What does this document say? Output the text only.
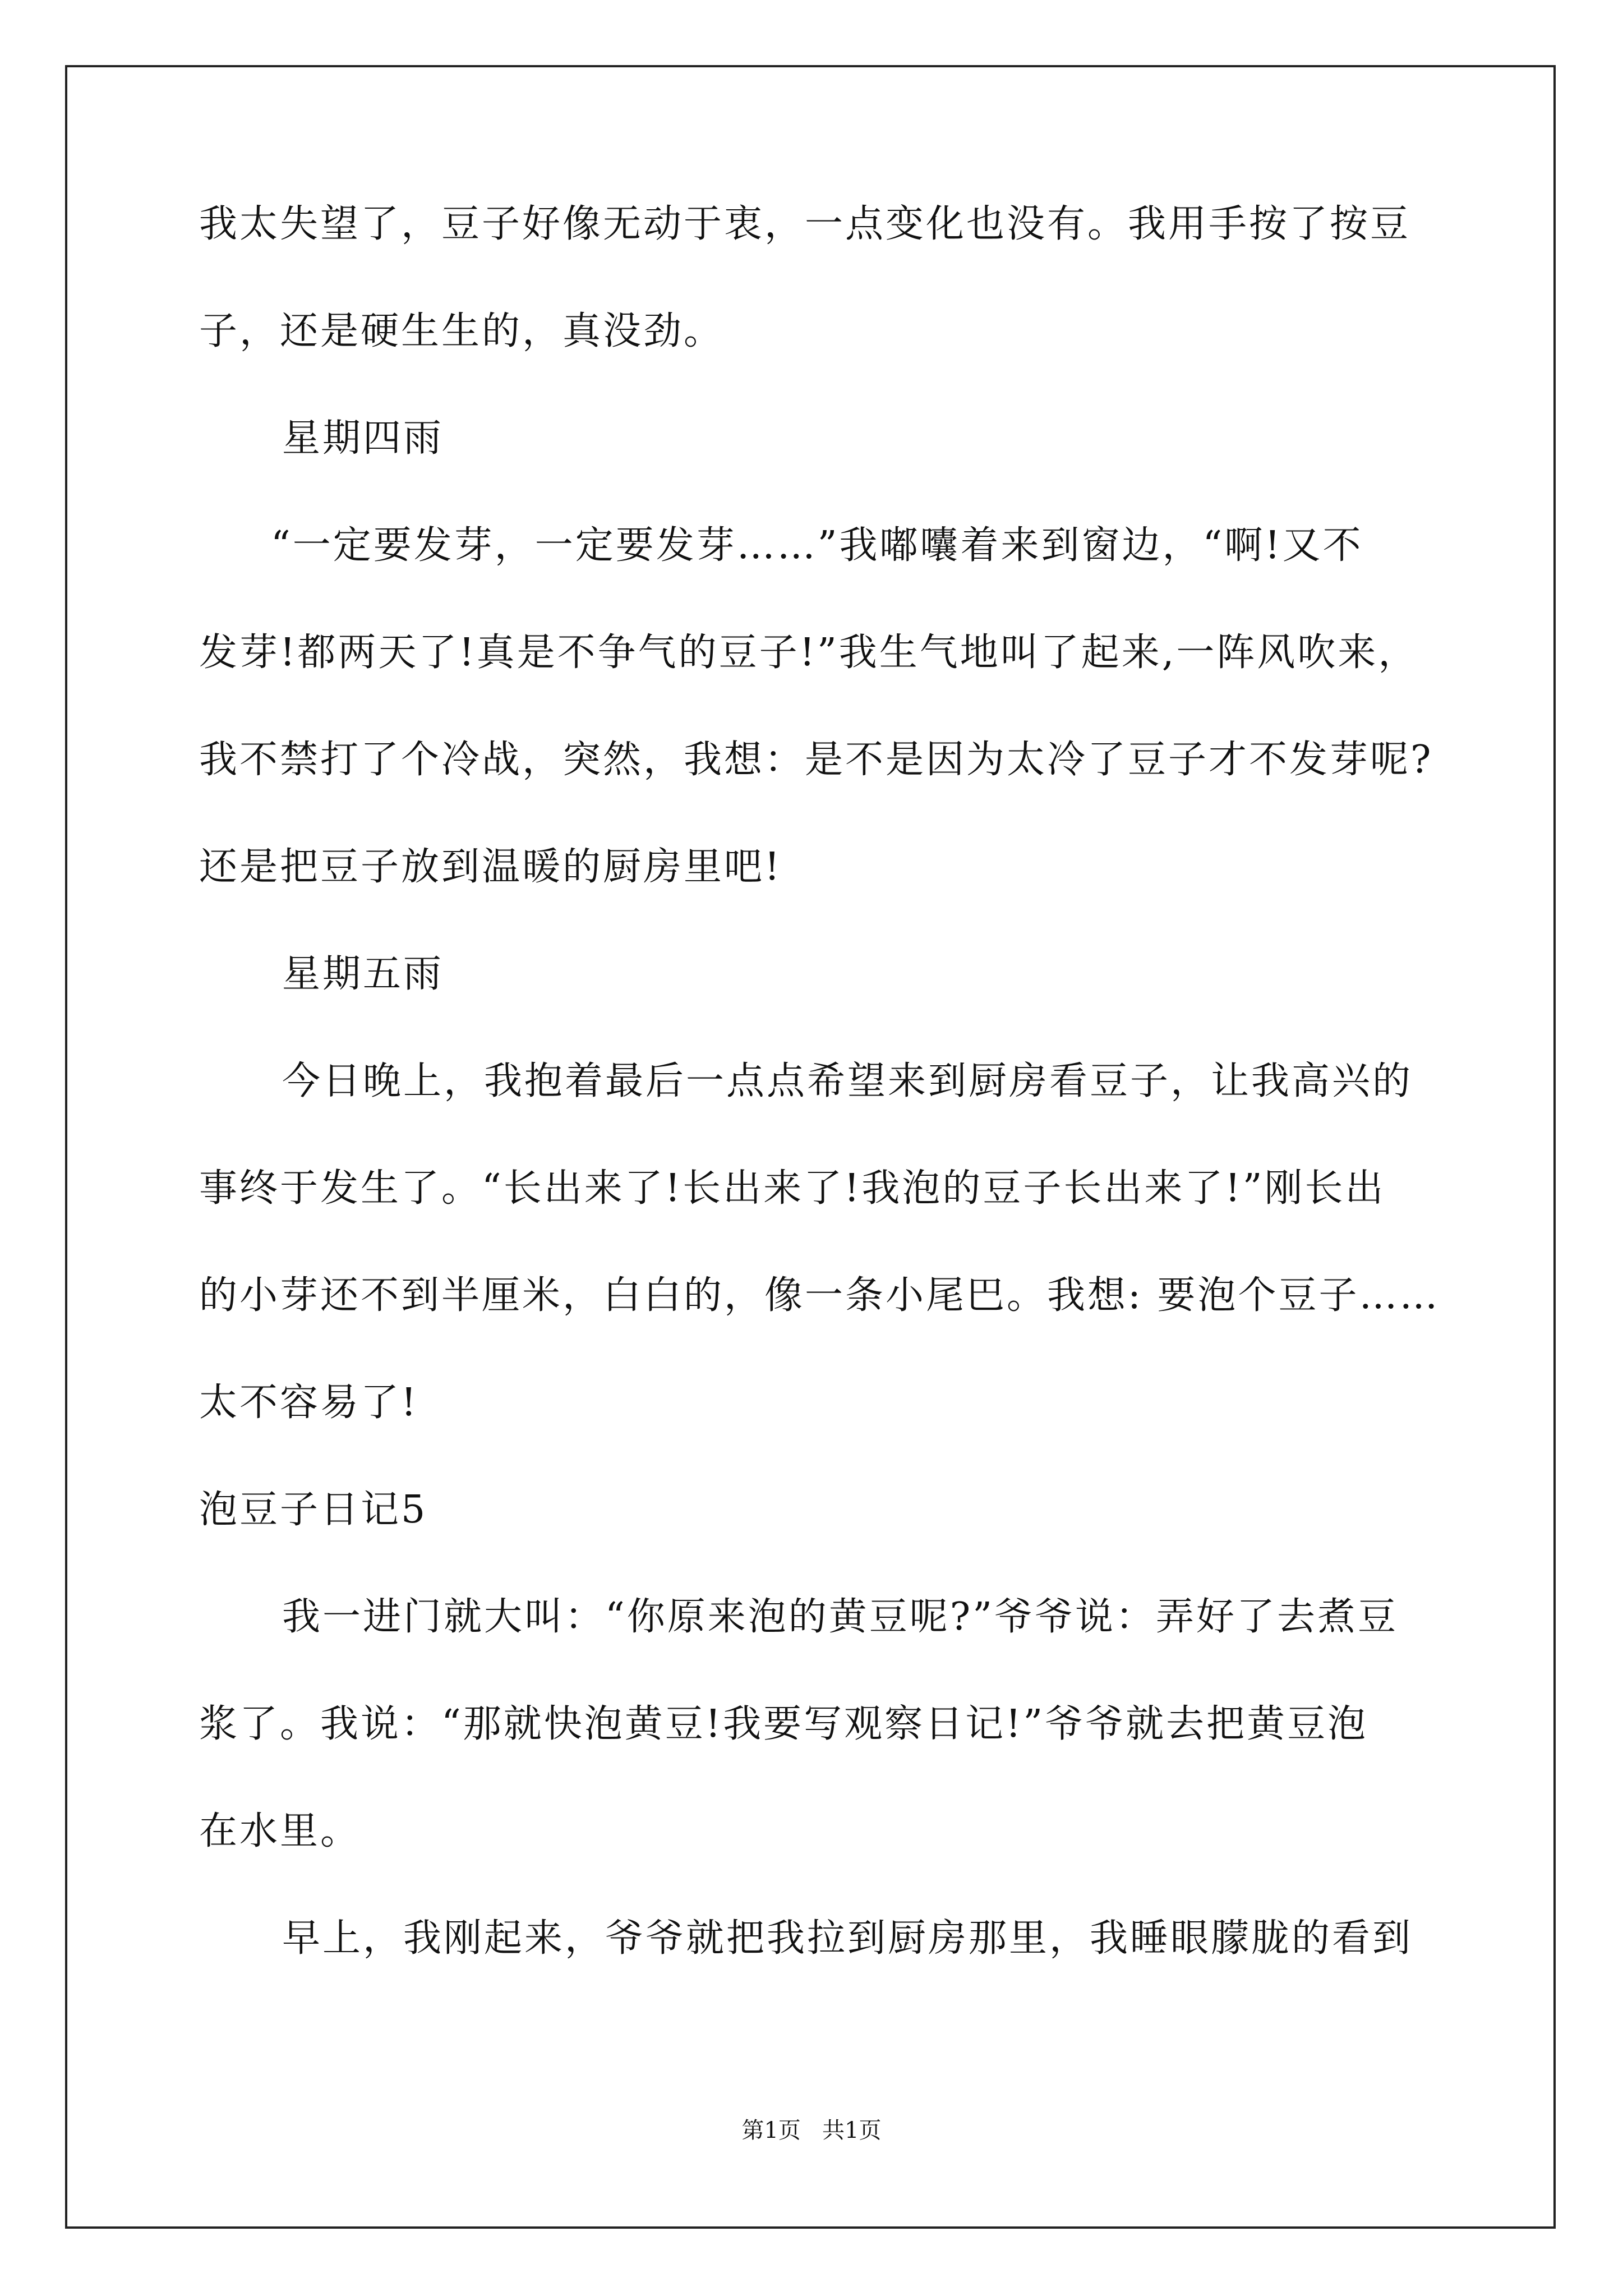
我太失望了，豆子好像无动于衷，一点变化也没有。我用手按了按豆
子，还是硬生生的，真没劲。
星期四雨
“一定要发芽，一定要发芽……”我嘟囔着来到窗边，“啊!又不
发芽!都两天了!真是不争气的豆子!”我生气地叫了起来,一阵风吹来，
我不禁打了个冷战，突然，我想：是不是因为太冷了豆子才不发芽呢?
还是把豆子放到温暖的厨房里吧!
星期五雨
今日晚上，我抱着最后一点点希望来到厨房看豆子，让我高兴的
事终于发生了。“长出来了!长出来了!我泡的豆子长出来了!”刚长出
的小芽还不到半厘米，白白的，像一条小尾巴。我想: 要泡个豆子……
太不容易了!
泡豆子日记5
我一进门就大叫：“你原来泡的黄豆呢?”爷爷说：弄好了去煮豆
浆了。我说：“那就快泡黄豆!我要写观察日记!”爷爷就去把黄豆泡
在水里。
早上，我刚起来，爷爷就把我拉到厨房那里，我睡眼朦胧的看到
第1页   共1页
